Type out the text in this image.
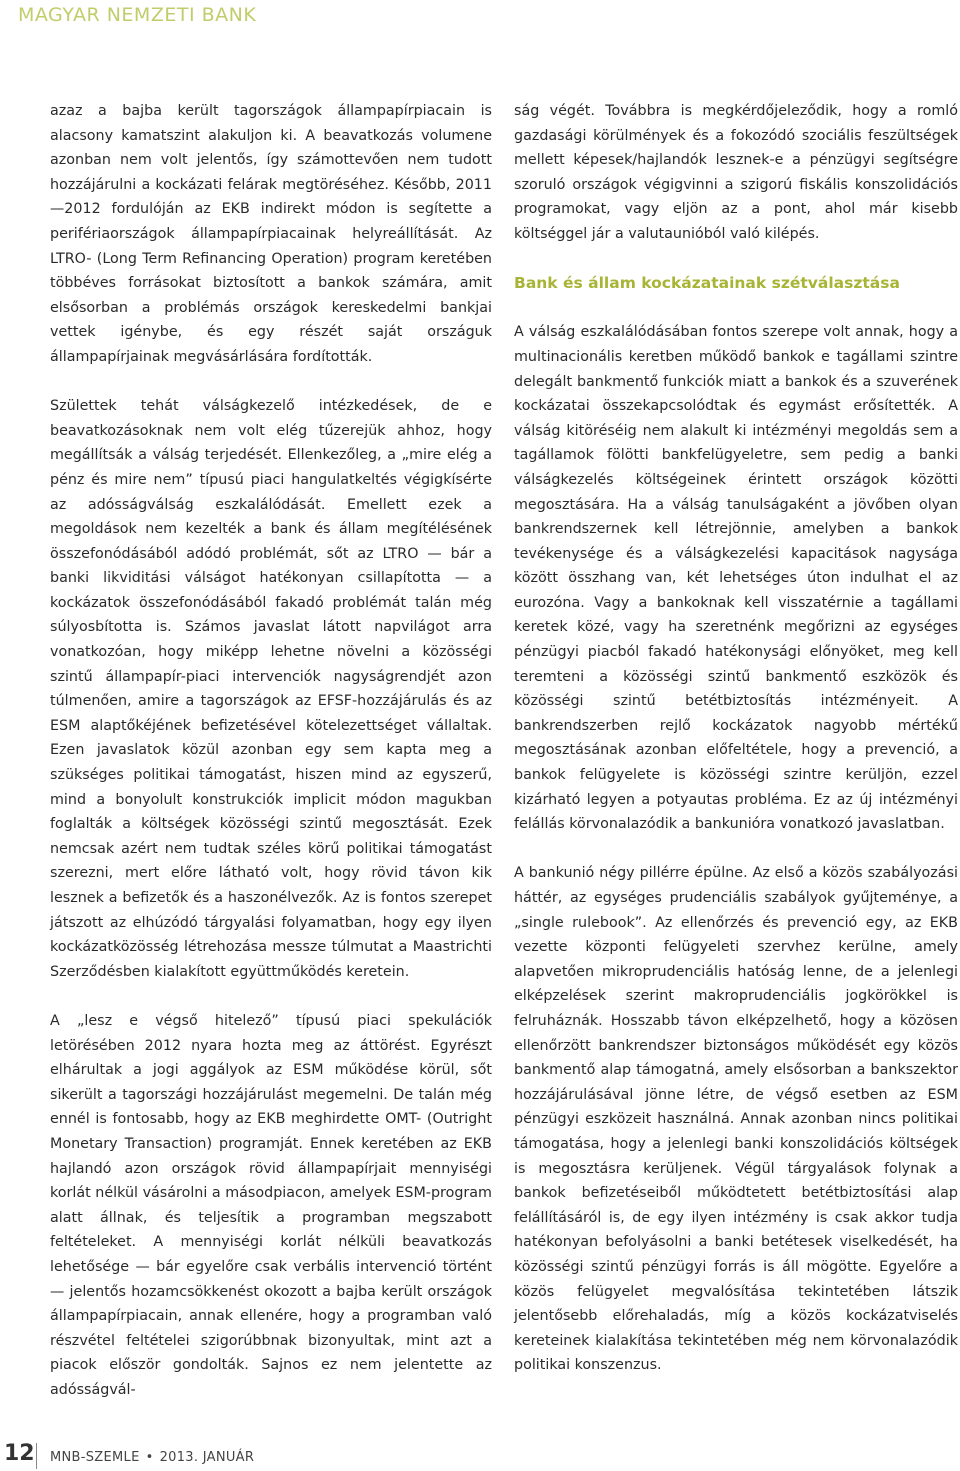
MAGYAR NEMZETI BANK

azaz a bajba került tagországok állampapírpiacain is alacsony kamatszint alakuljon ki. A beavatkozás volumene azonban nem volt jelentős, így számottevően nem tudott hozzájárulni a kockázati felárak megtöréséhez. Később, 2011—2012 fordulóján az EKB indirekt módon is segítette a perifériaországok állampapírpiacainak helyreállítását. Az LTRO- (Long Term Refinancing Operation) program keretében többéves forrásokat biztosított a bankok számára, amit elsősorban a problémás országok kereskedelmi bankjai vettek igénybe, és egy részét saját országuk állampapírjainak megvásárlására fordították.

Születtek tehát válságkezelő intézkedések, de e beavatkozásoknak nem volt elég tűzerejük ahhoz, hogy megállítsák a válság terjedését. Ellenkezőleg, a „mire elég a pénz és mire nem” típusú piaci hangulatkeltés végigkísérte az adósságválság eszkalálódását. Emellett ezek a megoldások nem kezelték a bank és állam megítélésének összefonódásából adódó problémát, sőt az LTRO — bár a banki likviditási válságot hatékonyan csillapította — a kockázatok összefonódásából fakadó problémát talán még súlyosbította is. Számos javaslat látott napvilágot arra vonatkozóan, hogy miképp lehetne növelni a közösségi szintű állampapír-piaci intervenciók nagyságrendjét azon túlmenően, amire a tagországok az EFSF-hozzájárulás és az ESM alaptőkéjének befizetésével kötelezettséget vállaltak. Ezen javaslatok közül azonban egy sem kapta meg a szükséges politikai támogatást, hiszen mind az egyszerű, mind a bonyolult konstrukciók implicit módon magukban foglalták a költségek közösségi szintű megosztását. Ezek nemcsak azért nem tudtak széles körű politikai támogatást szerezni, mert előre látható volt, hogy rövid távon kik lesznek a befizetők és a haszonélvezők. Az is fontos szerepet játszott az elhúzódó tárgyalási folyamatban, hogy egy ilyen kockázatközösség létrehozása messze túlmutat a Maastrichti Szerződésben kialakított együttműködés keretein.

A „lesz e végső hitelező” típusú piaci spekulációk letörésében 2012 nyara hozta meg az áttörést. Egyrészt elhárultak a jogi aggályok az ESM működése körül, sőt sikerült a tagországi hozzájárulást megemelni. De talán még ennél is fontosabb, hogy az EKB meghirdette OMT- (Outright Monetary Transaction) programját. Ennek keretében az EKB hajlandó azon országok rövid állampapírjait mennyiségi korlát nélkül vásárolni a másodpiacon, amelyek ESM-program alatt állnak, és teljesítik a programban megszabott feltételeket. A mennyiségi korlát nélküli beavatkozás lehetősége — bár egyelőre csak verbális intervenció történt — jelentős hozamcsökkenést okozott a bajba került országok állampapírpiacain, annak ellenére, hogy a programban való részvétel feltételei szigorúbbnak bizonyultak, mint azt a piacok először gondolták. Sajnos ez nem jelentette az adósságvál-

ság végét. Továbbra is megkérdőjeleződik, hogy a romló gazdasági körülmények és a fokozódó szociális feszültségek mellett képesek/hajlandók lesznek-e a pénzügyi segítségre szoruló országok végigvinni a szigorú fiskális konszolidációs programokat, vagy eljön az a pont, ahol már kisebb költséggel jár a valutaunióból való kilépés.

Bank és állam kockázatainak szétválasztása

A válság eszkalálódásában fontos szerepe volt annak, hogy a multinacionális keretben működő bankok e tagállami szintre delegált bankmentő funkciók miatt a bankok és a szuverének kockázatai összekapcsolódtak és egymást erősítették. A válság kitöréséig nem alakult ki intézményi megoldás sem a tagállamok fölötti bankfelügyeletre, sem pedig a banki válságkezelés költségeinek érintett országok közötti megosztására. Ha a válság tanulságaként a jövőben olyan bankrendszernek kell létrejönnie, amelyben a bankok tevékenysége és a válságkezelési kapacitások nagysága között összhang van, két lehetséges úton indulhat el az eurozóna. Vagy a bankoknak kell visszatérnie a tagállami keretek közé, vagy ha szeretnénk megőrizni az egységes pénzügyi piacból fakadó hatékonysági előnyöket, meg kell teremteni a közösségi szintű bankmentő eszközök és közösségi szintű betétbiztosítás intézményeit. A bankrendszerben rejlő kockázatok nagyobb mértékű megosztásának azonban előfeltétele, hogy a prevenció, a bankok felügyelete is közösségi szintre kerüljön, ezzel kizárható legyen a potyautas probléma. Ez az új intézményi felállás körvonalazódik a bankunióra vonatkozó javaslatban.

A bankunió négy pillérre épülne. Az első a közös szabályozási háttér, az egységes prudenciális szabályok gyűjteménye, a „single rulebook”. Az ellenőrzés és prevenció egy, az EKB vezette központi felügyeleti szervhez kerülne, amely alapvetően mikroprudenciális hatóság lenne, de a jelenlegi elképzelések szerint makroprudenciális jogkörökkel is felruháznák. Hosszabb távon elképzelhető, hogy a közösen ellenőrzött bankrendszer biztonságos működését egy közös bankmentő alap támogatná, amely elsősorban a bankszektor hozzájárulásával jönne létre, de végső esetben az ESM pénzügyi eszközeit használná. Annak azonban nincs politikai támogatása, hogy a jelenlegi banki konszolidációs költségek is megosztásra kerüljenek. Végül tárgyalások folynak a bankok befizetéseiből működtetett betétbiztosítási alap felállításáról is, de egy ilyen intézmény is csak akkor tudja hatékonyan befolyásolni a banki betétesek viselkedését, ha közösségi szintű pénzügyi forrás is áll mögötte. Egyelőre a közös felügyelet megvalósítása tekintetében látszik jelentősebb előrehaladás, míg a közös kockázatviselés kereteinek kialakítása tekintetében még nem körvonalazódik politikai konszenzus.

12 MNB-SZEMLE • 2013. JANUÁR
